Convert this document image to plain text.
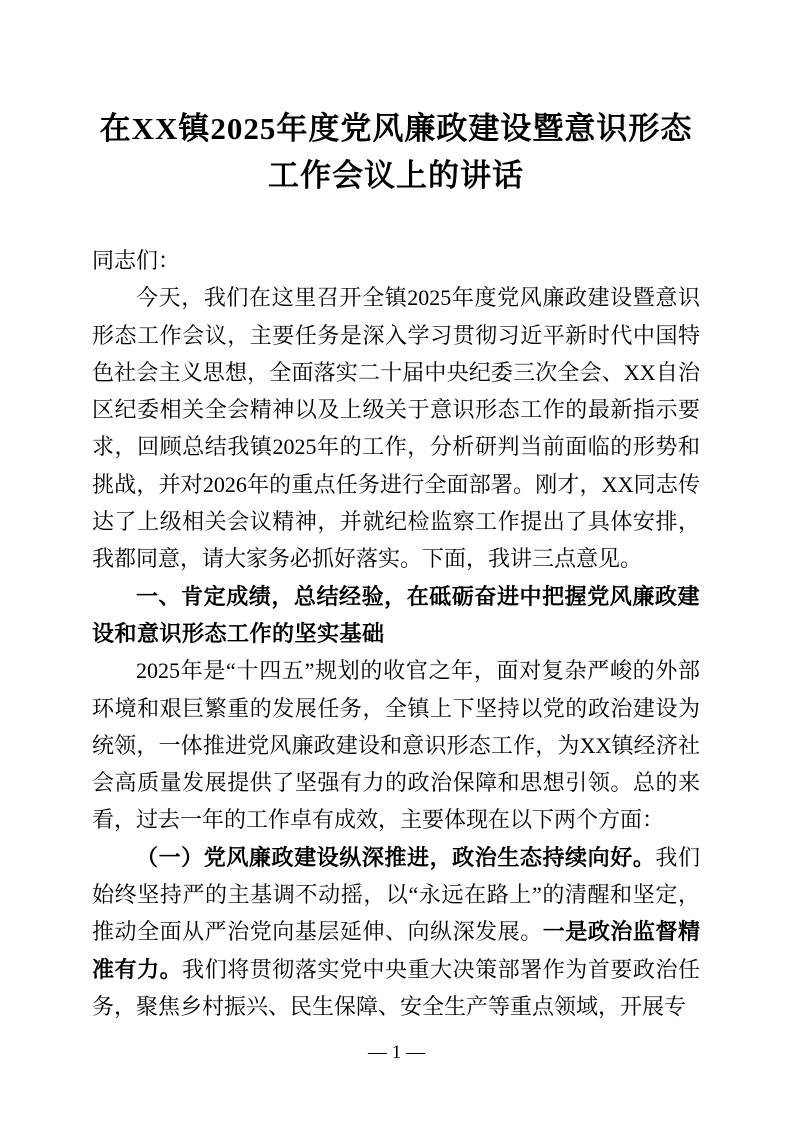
在XX镇2025年度党风廉政建设暨意识形态工作会议上的讲话

同志们：

今天，我们在这里召开全镇2025年度党风廉政建设暨意识形态工作会议，主要任务是深入学习贯彻习近平新时代中国特色社会主义思想，全面落实二十届中央纪委三次全会、XX自治区纪委相关全会精神以及上级关于意识形态工作的最新指示要求，回顾总结我镇2025年的工作，分析研判当前面临的形势和挑战，并对2026年的重点任务进行全面部署。刚才，XX同志传达了上级相关会议精神，并就纪检监察工作提出了具体安排，我都同意，请大家务必抓好落实。下面，我讲三点意见。

一、肯定成绩，总结经验，在砥砺奋进中把握党风廉政建设和意识形态工作的坚实基础

2025年是“十四五”规划的收官之年，面对复杂严峻的外部环境和艰巨繁重的发展任务，全镇上下坚持以党的政治建设为统领，一体推进党风廉政建设和意识形态工作，为XX镇经济社会高质量发展提供了坚强有力的政治保障和思想引领。总的来看，过去一年的工作卓有成效，主要体现在以下两个方面：

（一）党风廉政建设纵深推进，政治生态持续向好。我们始终坚持严的主基调不动摇，以“永远在路上”的清醒和坚定，推动全面从严治党向基层延伸、向纵深发展。一是政治监督精准有力。我们将贯彻落实党中央重大决策部署作为首要政治任务，聚焦乡村振兴、民生保障、安全生产等重点领域，开展专

— 1 —
